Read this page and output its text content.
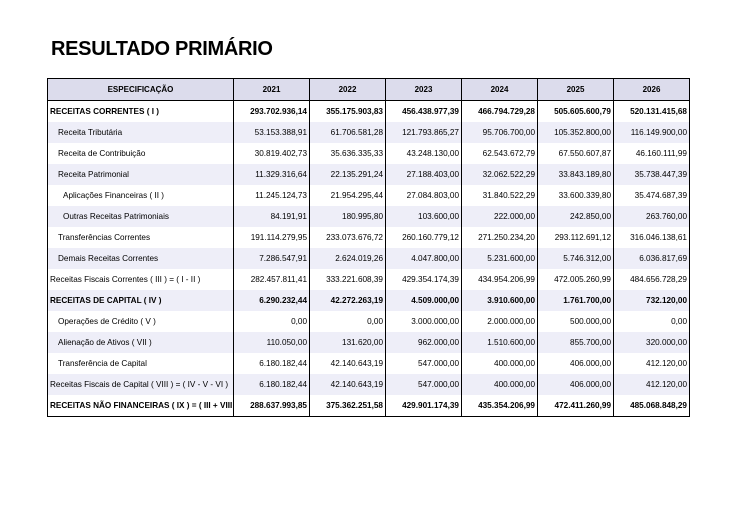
RESULTADO PRIMÁRIO
ESPECIFICAÇÃO	2021	2022	2023	2024	2025	2026
RECEITAS CORRENTES ( I )	293.702.936,14	355.175.903,83	456.438.977,39	466.794.729,28	505.605.600,79	520.131.415,68
Receita Tributária	53.153.388,91	61.706.581,28	121.793.865,27	95.706.700,00	105.352.800,00	116.149.900,00
Receita de Contribuição	30.819.402,73	35.636.335,33	43.248.130,00	62.543.672,79	67.550.607,87	46.160.111,99
Receita Patrimonial	11.329.316,64	22.135.291,24	27.188.403,00	32.062.522,29	33.843.189,80	35.738.447,39
Aplicações Financeiras ( II )	11.245.124,73	21.954.295,44	27.084.803,00	31.840.522,29	33.600.339,80	35.474.687,39
Outras Receitas Patrimoniais	84.191,91	180.995,80	103.600,00	222.000,00	242.850,00	263.760,00
Transferências Correntes	191.114.279,95	233.073.676,72	260.160.779,12	271.250.234,20	293.112.691,12	316.046.138,61
Demais Receitas Correntes	7.286.547,91	2.624.019,26	4.047.800,00	5.231.600,00	5.746.312,00	6.036.817,69
Receitas Fiscais Correntes ( III ) = ( I - II )	282.457.811,41	333.221.608,39	429.354.174,39	434.954.206,99	472.005.260,99	484.656.728,29
RECEITAS DE CAPITAL ( IV )	6.290.232,44	42.272.263,19	4.509.000,00	3.910.600,00	1.761.700,00	732.120,00
Operações de Crédito ( V )	0,00	0,00	3.000.000,00	2.000.000,00	500.000,00	0,00
Alienação de Ativos ( VII )	110.050,00	131.620,00	962.000,00	1.510.600,00	855.700,00	320.000,00
Transferência de Capital	6.180.182,44	42.140.643,19	547.000,00	400.000,00	406.000,00	412.120,00
Receitas Fiscais de Capital ( VIII ) = ( IV - V - VI )	6.180.182,44	42.140.643,19	547.000,00	400.000,00	406.000,00	412.120,00
RECEITAS NÃO FINANCEIRAS ( IX ) = ( III + VIII	288.637.993,85	375.362.251,58	429.901.174,39	435.354.206,99	472.411.260,99	485.068.848,29
